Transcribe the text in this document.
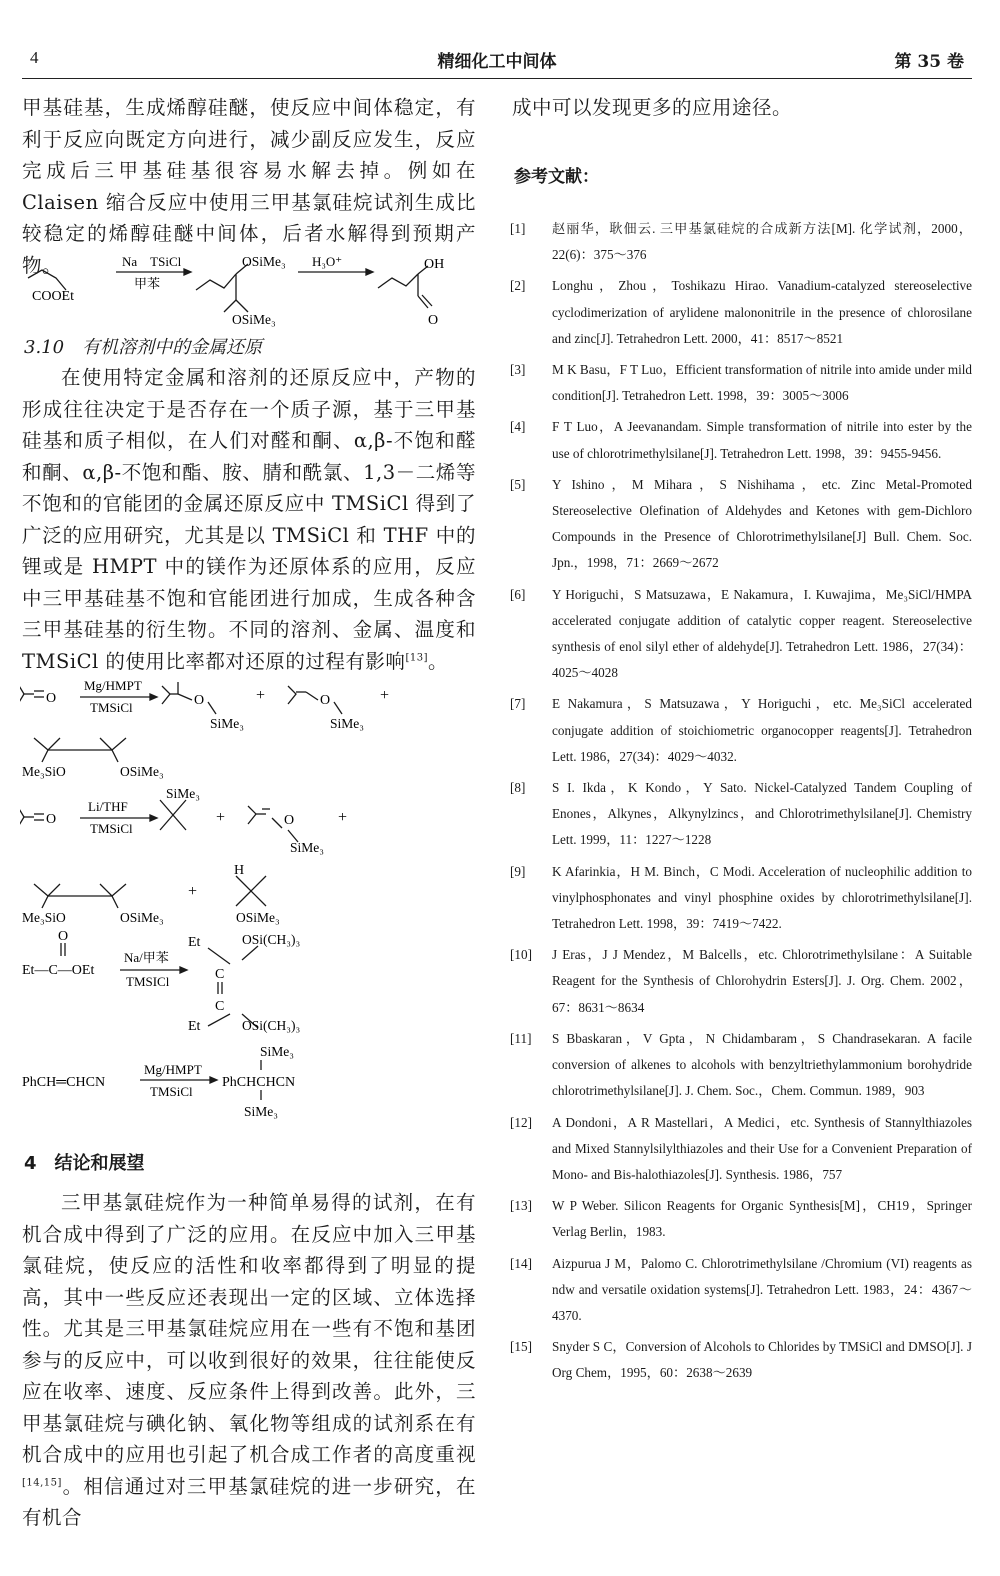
4	精细化工中间体	第 35 卷

甲基硅基，生成烯醇硅醚，使反应中间体稳定，有利于反应向既定方向进行，减少副反应发生，反应完成后三甲基硅基很容易水解去掉。例如在 Claisen 缩合反应中使用三甲基氯硅烷试剂生成比较稳定的烯醇硅醚中间体，后者水解得到预期产物。

COOEt
Na　TSiCl
甲苯
OSiMe₃
OSiMe₃
H₃O⁺	OH
O
O
Mg/HMPT
TMSiCl	O
SiMe₃
+	O
SiMe₃
+
Me₃SiO	OSiMe₃
O
Li/THF
TMSiCl
SiMe₃
+	O
SiMe₃
+
Me₃SiO	OSiMe₃
+
H
OSiMe₃
O
Et—C—OEt
Na/甲苯
TMSICl
Et	OSi(CH₃)₃
C
C
Et	OSi(CH₃)₃
PhCH═CHCN
Mg/HMPT
TMSiCl
PhCHCHCN
SiMe₃
SiMe₃
3.10　有机溶剂中的金属还原

在使用特定金属和溶剂的还原反应中，产物的形成往往决定于是否存在一个质子源，基于三甲基硅基和质子相似，在人们对醛和酮、α,β-不饱和醛和酮、α,β-不饱和酯、胺、腈和酰氯、1,3－二烯等不饱和的官能团的金属还原反应中 TMSiCl 得到了广泛的应用研究，尤其是以 TMSiCl 和 THF 中的锂或是 HMPT 中的镁作为还原体系的应用，反应中三甲基硅基不饱和官能团进行加成，生成各种含三甲基硅基的衍生物。不同的溶剂、金属、温度和 TMSiCl 的使用比率都对还原的过程有影响[13]。

4　结论和展望

三甲基氯硅烷作为一种简单易得的试剂，在有机合成中得到了广泛的应用。在反应中加入三甲基氯硅烷，使反应的活性和收率都得到了明显的提高，其中一些反应还表现出一定的区域、立体选择性。尤其是三甲基氯硅烷应用在一些有不饱和基团参与的反应中，可以收到很好的效果，往往能使反应在收率、速度、反应条件上得到改善。此外，三甲基氯硅烷与碘化钠、氧化物等组成的试剂系在有机合成中的应用也引起了机合成工作者的高度重视[14,15]。相信通过对三甲基氯硅烷的进一步研究，在有机合

成中可以发现更多的应用途径。

参考文献：
[1] 赵丽华，耿佃云. 三甲基氯硅烷的合成新方法[M]. 化学试剂，2000，22(6)：375～376
[2] Longhu，Zhou，Toshikazu Hirao. Vanadium-catalyzed stereoselective cyclodimerization of arylidene malononitrile in the presence of chlorosilane and zinc[J]. Tetrahedron Lett. 2000，41：8517～8521
[3] M K Basu，F T Luo，Efficient transformation of nitrile into amide under mild condition[J]. Tetrahedron Lett. 1998，39：3005～3006
[4] F T Luo，A Jeevanandam. Simple transformation of nitrile into ester by the use of chlorotrimethylsilane[J]. Tetrahedron Lett. 1998，39：9455-9456.
[5] Y Ishino，M Mihara，S Nishihama，etc. Zinc Metal-Promoted Stereoselective Olefination of Aldehydes and Ketones with gem-Dichloro Compounds in the Presence of Chlorotrimethylsilane[J] Bull. Chem. Soc. Jpn.，1998，71：2669～2672
[6] Y Horiguchi，S Matsuzawa，E Nakamura，I. Kuwajima，Me₃SiCl/HMPA accelerated conjugate addition of catalytic copper reagent. Stereoselective synthesis of enol silyl ether of aldehyde[J]. Tetrahedron Lett. 1986，27(34)：4025～4028
[7] E Nakamura，S Matsuzawa，Y Horiguchi，etc. Me₃SiCl accelerated conjugate addition of stoichiometric organocopper reagents[J]. Tetrahedron Lett. 1986，27(34)：4029～4032.
[8] S I. Ikda，K Kondo，Y Sato. Nickel-Catalyzed Tandem Coupling of Enones，Alkynes，Alkynylzincs，and Chlorotrimethylsilane[J]. Chemistry Lett. 1999，11：1227～1228
[9] K Afarinkia，H M. Binch，C Modi. Acceleration of nucleophilic addition to vinylphosphonates and vinyl phosphine oxides by chlorotrimethylsilane[J]. Tetrahedron Lett. 1998，39：7419～7422.
[10] J Eras，J J Mendez，M Balcells，etc. Chlorotrimethylsilane：A Suitable Reagent for the Synthesis of Chlorohydrin Esters[J]. J. Org. Chem. 2002，67：8631～8634
[11] S Bbaskaran，V Gpta，N Chidambaram，S Chandrasekaran. A facile conversion of alkenes to alcohols with benzyltriethylammonium borohydride chlorotrimethylsilane[J]. J. Chem. Soc.，Chem. Commun. 1989，903
[12] A Dondoni，A R Mastellari，A Medici，etc. Synthesis of Stannylthiazoles and Mixed Stannylsilylthiazoles and their Use for a Convenient Preparation of Mono- and Bis-halothiazoles[J]. Synthesis. 1986，757
[13] W P Weber. Silicon Reagents for Organic Synthesis[M]，CH19，Springer Verlag Berlin，1983.
[14] Aizpurua J M，Palomo C. Chlorotrimethylsilane /Chromium (VI) reagents as ndw and versatile oxidation systems[J]. Tetrahedron Lett. 1983，24：4367～4370.
[15] Snyder S C，Conversion of Alcohols to Chlorides by TMSiCl and DMSO[J]. J Org Chem，1995，60：2638～2639
